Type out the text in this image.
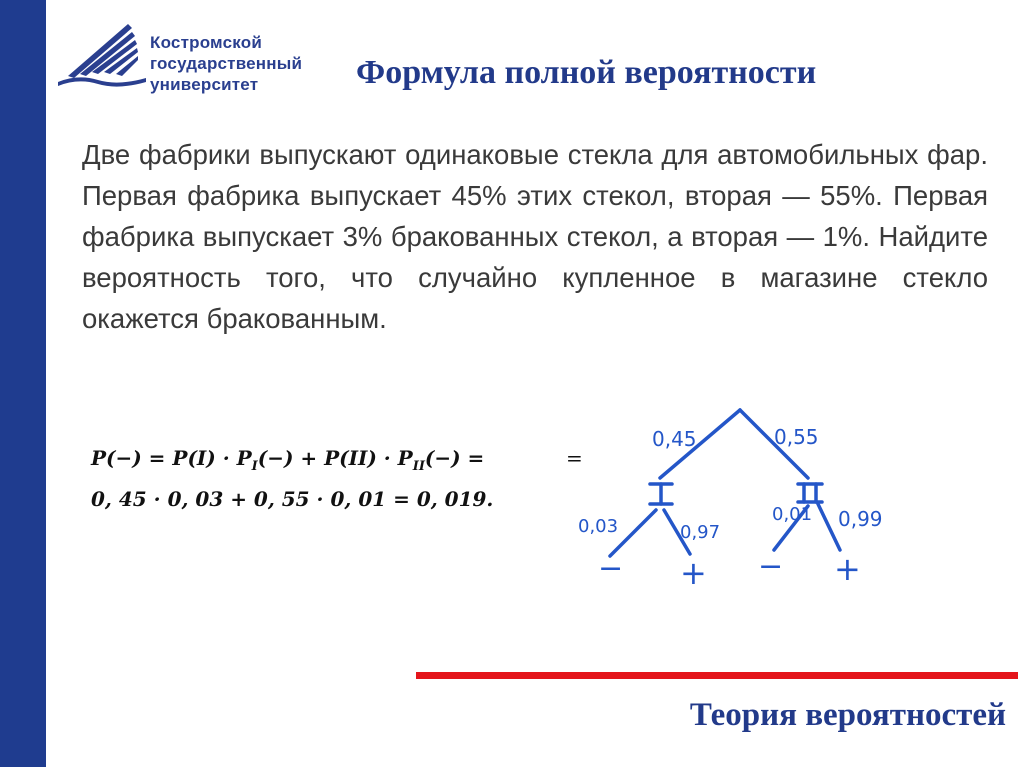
Костромской
государственный
университет	Формула полной вероятности

Две фабрики выпускают одинаковые стекла для автомобильных фар. Первая фабрика выпускает 45% этих стекол, вторая — 55%. Первая фабрика выпускает 3% бракованных стекол, а вторая — 1%. Найдите вероятность того, что случайно купленное в магазине стекло окажется бракованным.

$P(-) = P(I) \cdot P_I(-) + P(II) \cdot P_{II}(-)$ =
0, 45 · 0, 03 + 0, 55 · 0, 01 = 0, 019.
=
0,45	0,55
0,03	0,97
0,01 0,99
− + − +
Теория вероятностей
